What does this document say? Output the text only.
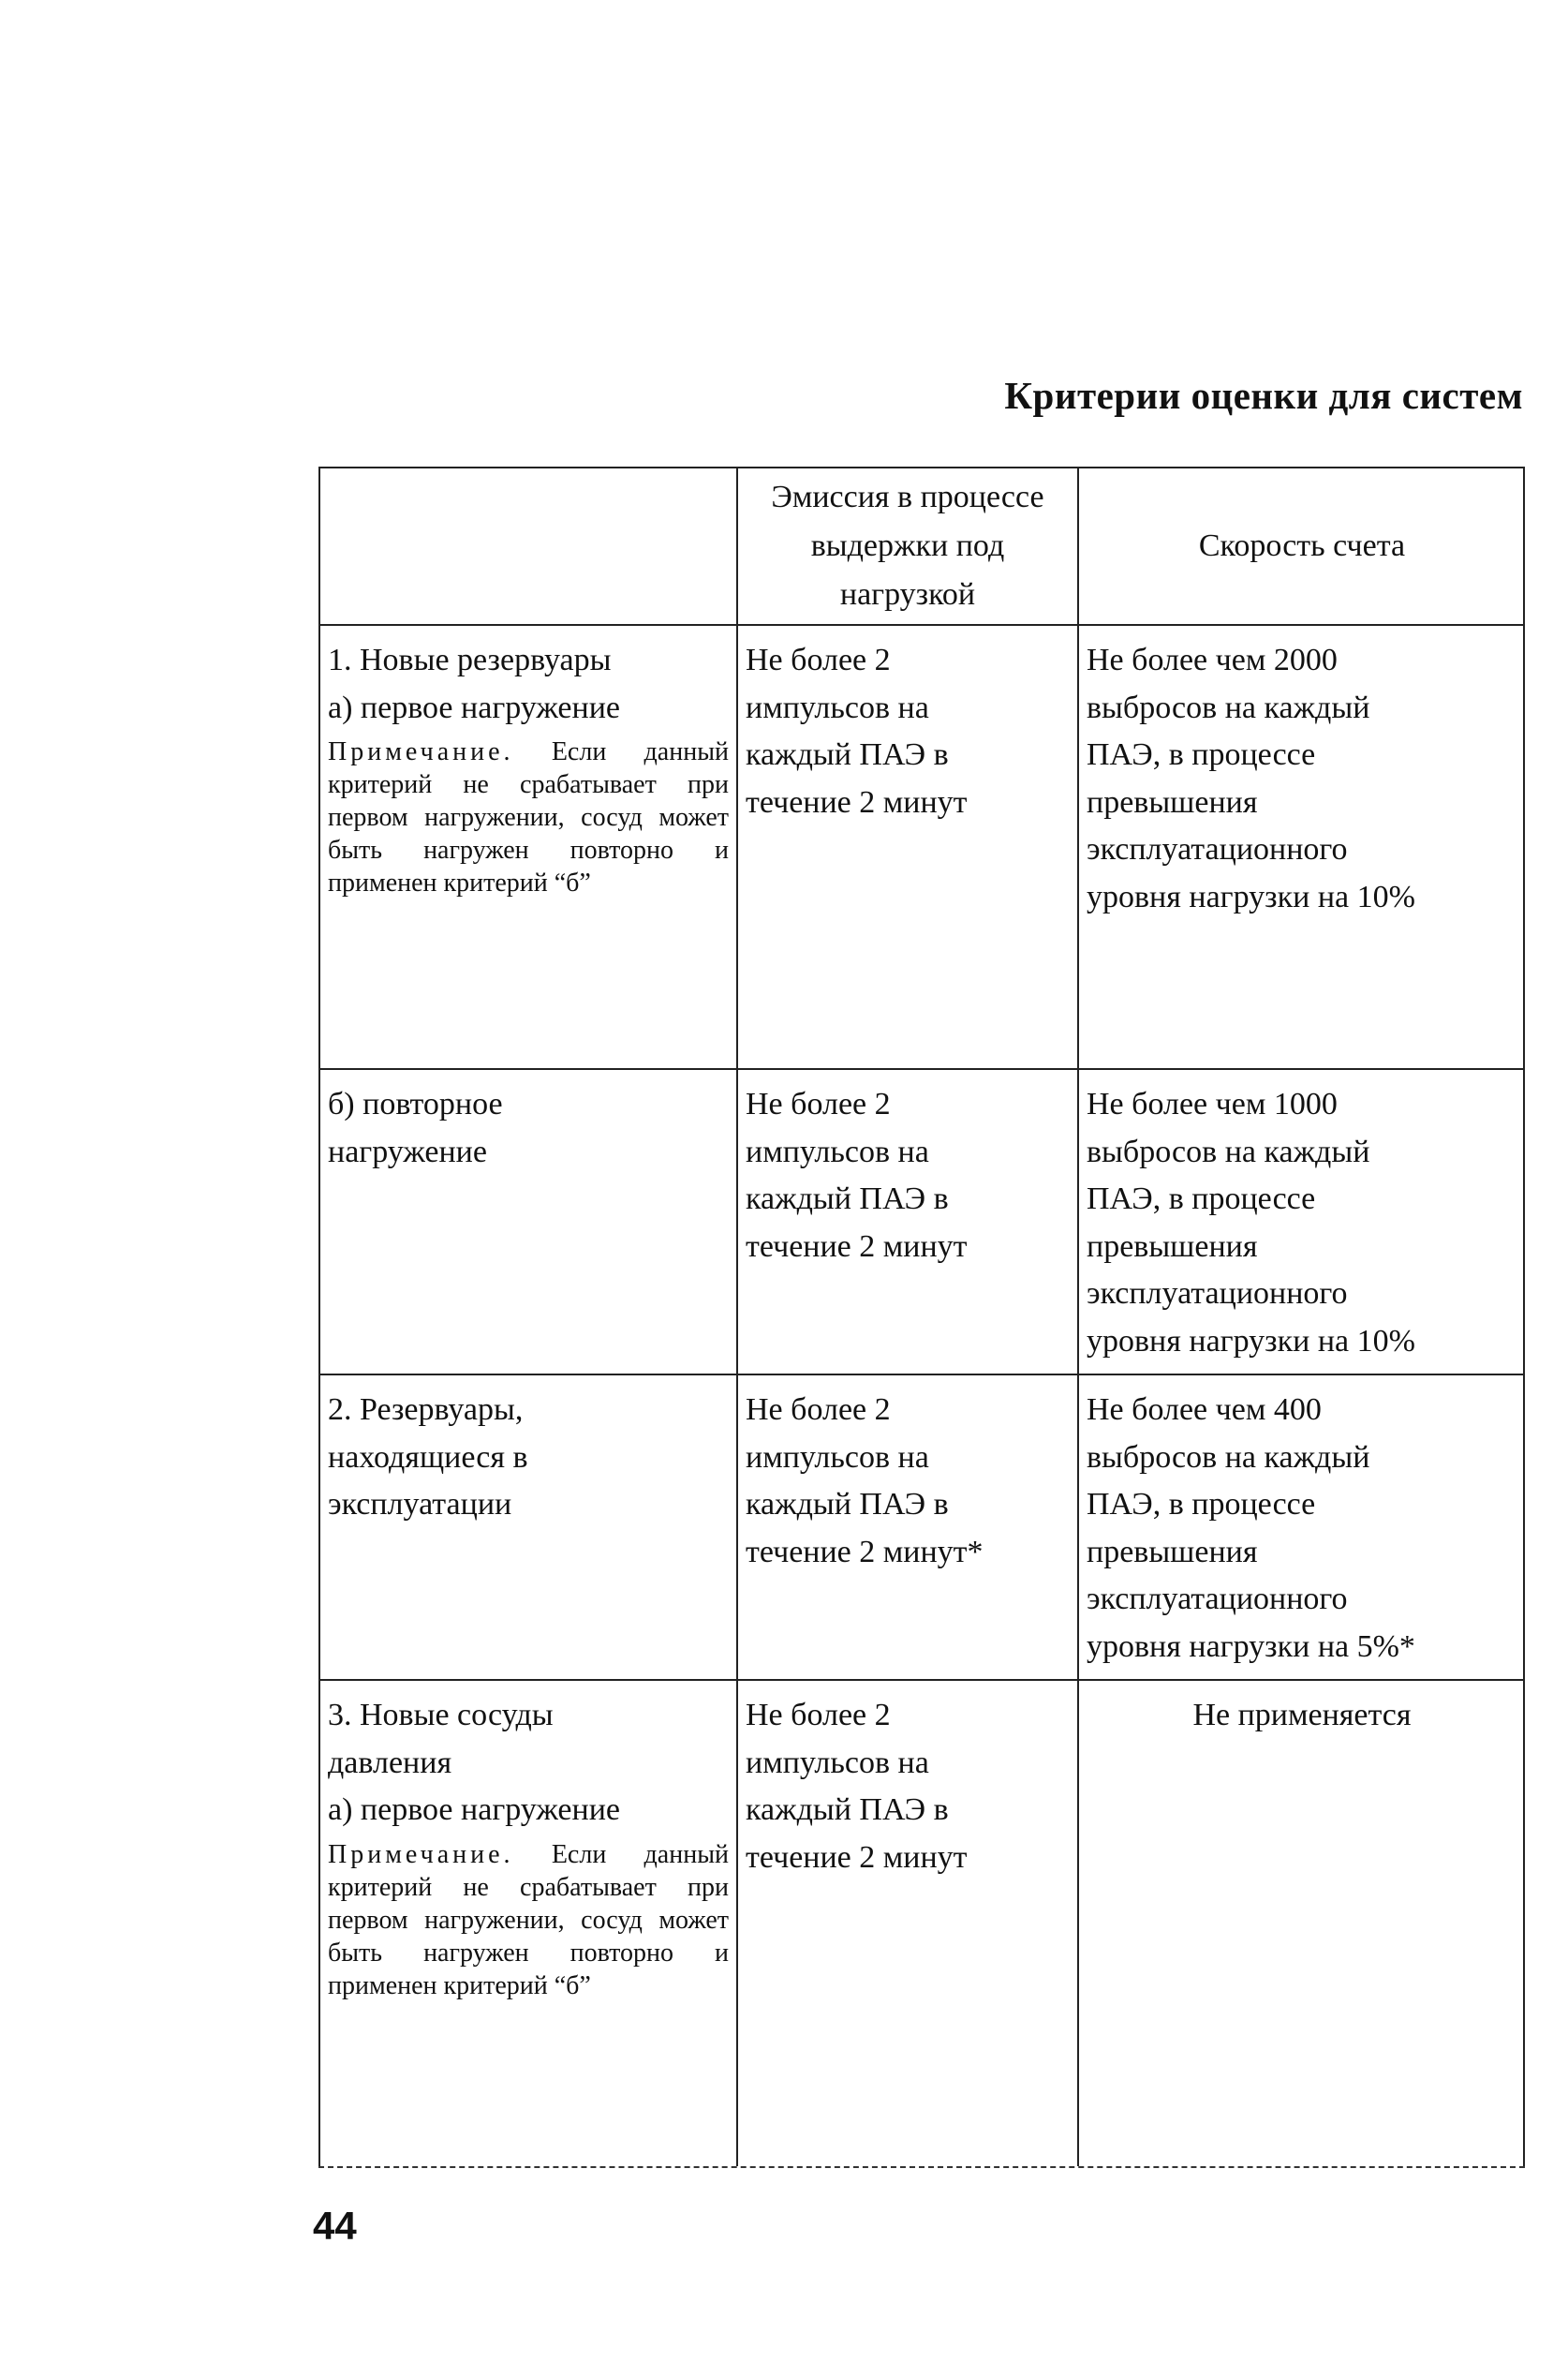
Критерии оценки для систем
Эмиссия в процессе выдержки под нагрузкой
Скорость счета
1. Новые резервуары
а) первое нагружение
Примечание. Если данный критерий не срабатывает при первом нагружении, сосуд может быть нагружен повторно и применен критерий “б”
Не более 2
импульсов на
каждый ПАЭ в
течение 2 минут
Не более чем 2000
выбросов на каждый
ПАЭ, в процессе
превышения
эксплуатационного
уровня нагрузки на 10%
б) повторное
нагружение
Не более 2
импульсов на
каждый ПАЭ в
течение 2 минут
Не более чем 1000
выбросов на каждый
ПАЭ, в процессе
превышения
эксплуатационного
уровня нагрузки на 10%
2. Резервуары,
находящиеся в
эксплуатации
Не более 2
импульсов на
каждый ПАЭ в
течение 2 минут*
Не более чем 400
выбросов на каждый
ПАЭ, в процессе
превышения
эксплуатационного
уровня нагрузки на 5%*
3. Новые сосуды
давления
а) первое нагружение
Примечание. Если данный критерий не срабатывает при первом нагружении, сосуд может быть нагружен повторно и применен критерий “б”
Не более 2
импульсов на
каждый ПАЭ в
течение 2 минут
Не применяется
44
